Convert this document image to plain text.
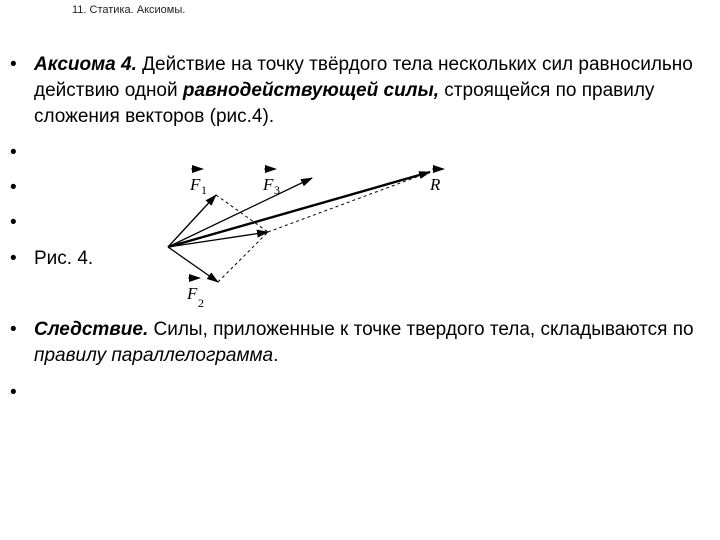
11. Статика. Аксиомы.
• Аксиома 4. Действие на точку твёрдого тела нескольких сил равносильно действию одной равнодействующей силы, строящейся по правилу сложения векторов (рис.4).
•
•
•
• Рис. 4.
• Следствие. Силы, приложенные к точке твердого тела, складываются по правилу параллелограмма.
•
F 1	F 3	R
F 2
